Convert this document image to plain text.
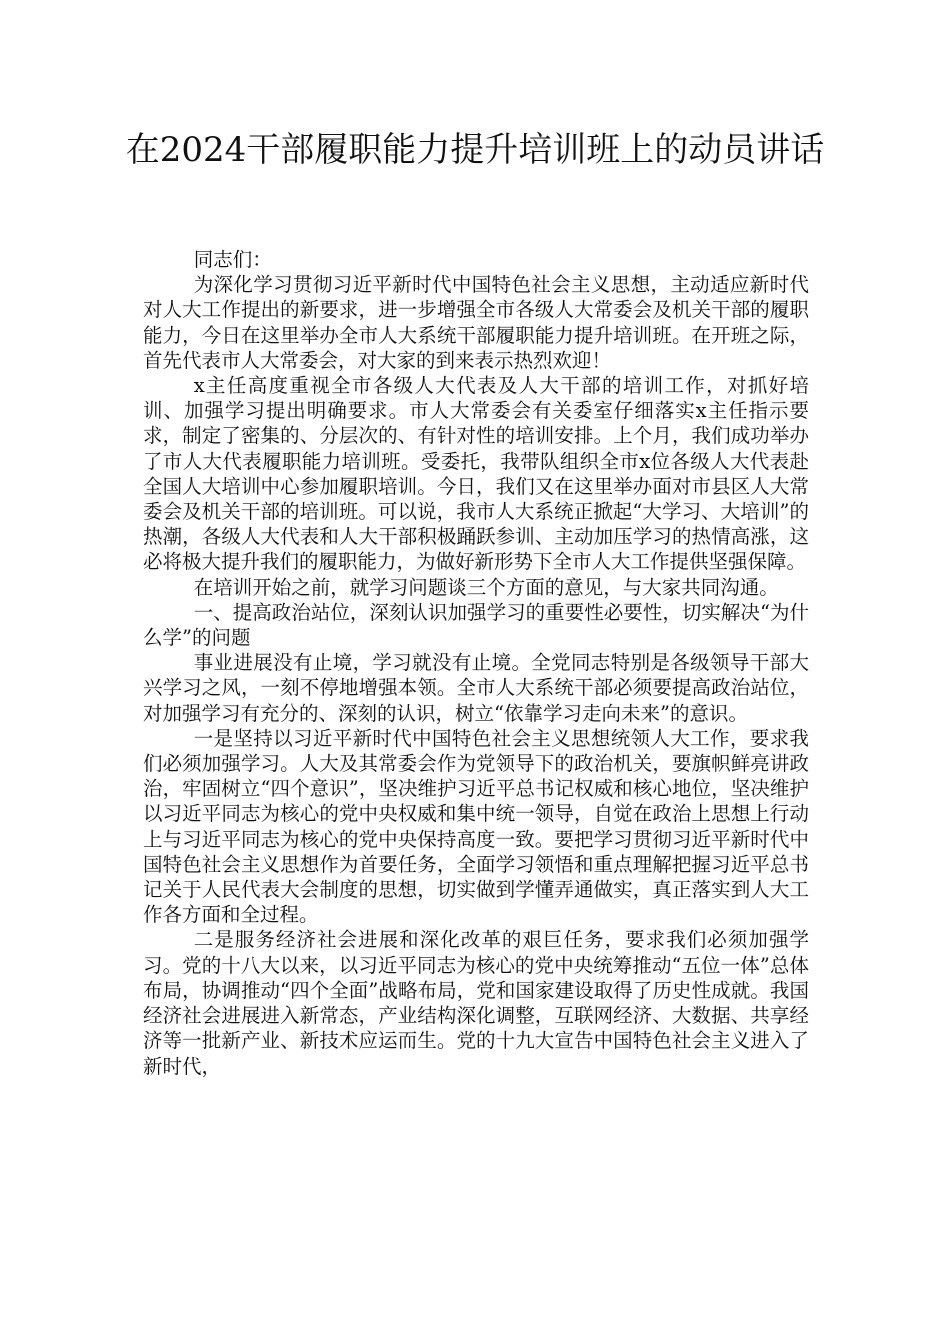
在2024干部履职能力提升培训班上的动员讲话

同志们：

为深化学习贯彻习近平新时代中国特色社会主义思想，主动适应新时代对人大工作提出的新要求，进一步增强全市各级人大常委会及机关干部的履职能力，今日在这里举办全市人大系统干部履职能力提升培训班。在开班之际，首先代表市人大常委会，对大家的到来表示热烈欢迎！

x主任高度重视全市各级人大代表及人大干部的培训工作，对抓好培训、加强学习提出明确要求。市人大常委会有关委室仔细落实x主任指示要求，制定了密集的、分层次的、有针对性的培训安排。上个月，我们成功举办了市人大代表履职能力培训班。受委托，我带队组织全市x位各级人大代表赴全国人大培训中心参加履职培训。今日，我们又在这里举办面对市县区人大常委会及机关干部的培训班。可以说，我市人大系统正掀起“大学习、大培训”的热潮，各级人大代表和人大干部积极踊跃参训、主动加压学习的热情高涨，这必将极大提升我们的履职能力，为做好新形势下全市人大工作提供坚强保障。

在培训开始之前，就学习问题谈三个方面的意见，与大家共同沟通。

一、提高政治站位，深刻认识加强学习的重要性必要性，切实解决“为什么学”的问题

事业进展没有止境，学习就没有止境。全党同志特别是各级领导干部大兴学习之风，一刻不停地增强本领。全市人大系统干部必须要提高政治站位，对加强学习有充分的、深刻的认识，树立“依靠学习走向未来”的意识。

一是坚持以习近平新时代中国特色社会主义思想统领人大工作，要求我们必须加强学习。人大及其常委会作为党领导下的政治机关，要旗帜鲜亮讲政治，牢固树立“四个意识”，坚决维护习近平总书记权威和核心地位，坚决维护以习近平同志为核心的党中央权威和集中统一领导，自觉在政治上思想上行动上与习近平同志为核心的党中央保持高度一致。要把学习贯彻习近平新时代中国特色社会主义思想作为首要任务，全面学习领悟和重点理解把握习近平总书记关于人民代表大会制度的思想，切实做到学懂弄通做实，真正落实到人大工作各方面和全过程。

二是服务经济社会进展和深化改革的艰巨任务，要求我们必须加强学习。党的十八大以来，以习近平同志为核心的党中央统筹推动“五位一体”总体布局，协调推动“四个全面”战略布局，党和国家建设取得了历史性成就。我国经济社会进展进入新常态，产业结构深化调整，互联网经济、大数据、共享经济等一批新产业、新技术应运而生。党的十九大宣告中国特色社会主义进入了新时代，
